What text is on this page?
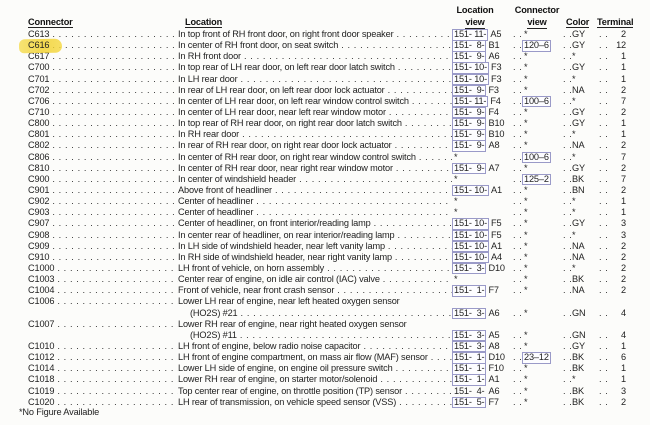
Connector	Location
Location
view
Connector
view	Color Terminal
C613 . . .	In top front of RH front door, on right front door speaker . . .	151- 11- A5 . . . * . . .	GY . . .	2
C616 . . .	In center of RH front door, on seat switch . . .	151-  8- B1 . . .	120–6 . . .	GY . . .	12
C617 . . .	In RH front door . . .	151-  9- A6 . . .	* . . .	* . . .	1
C700 . . .	In top rear of LH rear door, on left rear door latch switch . . .	151- 10- F3 . . . * . . .	GY . . .	1
C701 . . .	In LH rear door . . .	151- 10- F3 . . . * . . .	* . . .	1
C702 . . .	In rear of LH rear door, on left rear door lock actuator . . .	151-  9- F3 . . .	* . . .	NA . . .	2
C706 . . .	In center of LH rear door, on left rear window control switch . . .	151- 11- F4 . . .	100–6 . . .	* . . .	7
C710 . . .	In center of LH rear door, near left rear window motor . . .	151-  9- F4 . . .	* . . .	GY . . .	2
C800 . . .	In top rear of RH rear door, on right rear door latch switch . . .	151-  9- B10 . . . * . . .	GY . . .	1
C801 . . .	In RH rear door . . .	151-  9- B10 . . . * . . .	* . . .	1
C802 . . .	In rear of RH rear door, on right rear door lock actuator . . .	151-  9- A8 . . .	* . . .	NA . . .	2
C806 . . .	In center of RH rear door, on right rear window control switch . . .	* . . .	100–6 . . .	* . . .	7
C810 . . .	In center of RH rear door, near right rear window motor . . .	151-  9- A7 . . .	* . . .	GY . . .	2
C900 . . .	In center of windshield header . . .	* . . .	125–2 . . .	BK . . .	7
C901 . . .	Above front of headliner . . .	151- 10- A1 . . . * . . .	BN . . .	2
C902 . . .	Center of headliner . . .	* . . .	* . . .	* . . .	1
C903 . . .	Center of headliner . . .	* . . .	* . . .	* . . .	1
C907 . . .	Center of headliner, on front interior/reading lamp . . .	151- 10- F5 . . . * . . .	GY . . .	3
C908 . . .	In center rear of headliner, on rear interior/reading lamp . . .	151- 10- F5 . . . * . . .	* . . .	3
C909 . . .	In LH side of windshield header, near left vanity lamp . . .	151- 10- A1 . . . * . . .	NA . . .	2
C910 . . .	In RH side of windshield header, near right vanity lamp . . .	151- 10- A4 . . . * . . .	NA . . .	2
C1000 . . .	LH front of vehicle, on horn assembly . . .	151-  3- D10 . . . * . . .	* . . .	2
C1003 . . .	Center rear of engine, on idle air control (IAC) valve . . .	* . . .	* . . .	BK . . .	2
C1004 . . .	Front of vehicle, near front crash sensor . . .	151-  1- F7 . . .	* . . .	NA . . .	2
C1006 . . .	Lower LH rear of engine, near left heated oxygen sensor
(HO2S) #21 . . .	151-  3- A6 . . .	* . . .	GN . . .	4
C1007 . . .	Lower RH rear of engine, near right heated oxygen sensor
(HO2S) #11 . . .	151-  3- A5 . . .	* . . .	GN . . .	4
C1010 . . .	LH front of engine, below radio noise capacitor . . .	151-  3- A8 . . .	* . . .	GY . . .	1
C1012 . . .	LH front of engine compartment, on mass air flow (MAF) sensor . . .	151-  1- D10 . . . 23–12 . . .	BK . . .	6
C1014 . . .	Lower LH side of engine, on engine oil pressure switch . . .	151-  1- F10 . . . * . . .	BK . . .	1
C1018 . . .	Lower RH rear of engine, on starter motor/solenoid . . .	151-  1- A1 . . .	* . . .	* . . .	1
C1019 . . .	Top center rear of engine, on throttle position (TP) sensor . . .	151-  4- A6 . . .	* . . .	BK . . .	3
C1020 . . .	LH rear of transmission, on vehicle speed sensor (VSS) . . .	151-  5- F7 . . .	* . . .	BK . . .	2
*No Figure Available
